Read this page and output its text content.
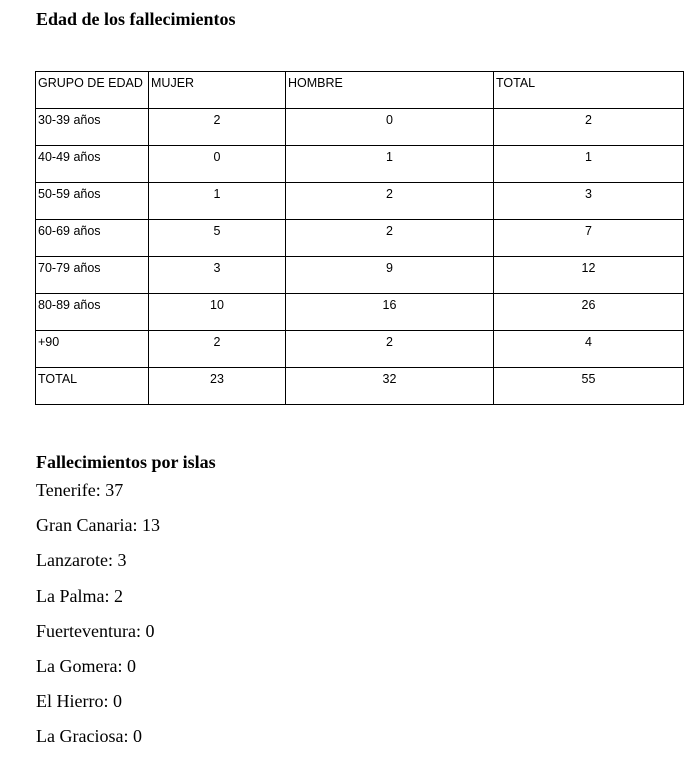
Edad de los fallecimientos
GRUPO DE EDAD	MUJER	HOMBRE	TOTAL
30-39 años	2	0	2
40-49 años	0	1	1
50-59 años	1	2	3
60-69 años	5	2	7
70-79 años	3	9	12
80-89 años	10	16	26
+90	2	2	4
TOTAL	23	32	55
Fallecimientos por islas
Tenerife: 37
Gran Canaria: 13
Lanzarote: 3
La Palma: 2
Fuerteventura: 0
La Gomera: 0
El Hierro: 0
La Graciosa: 0
